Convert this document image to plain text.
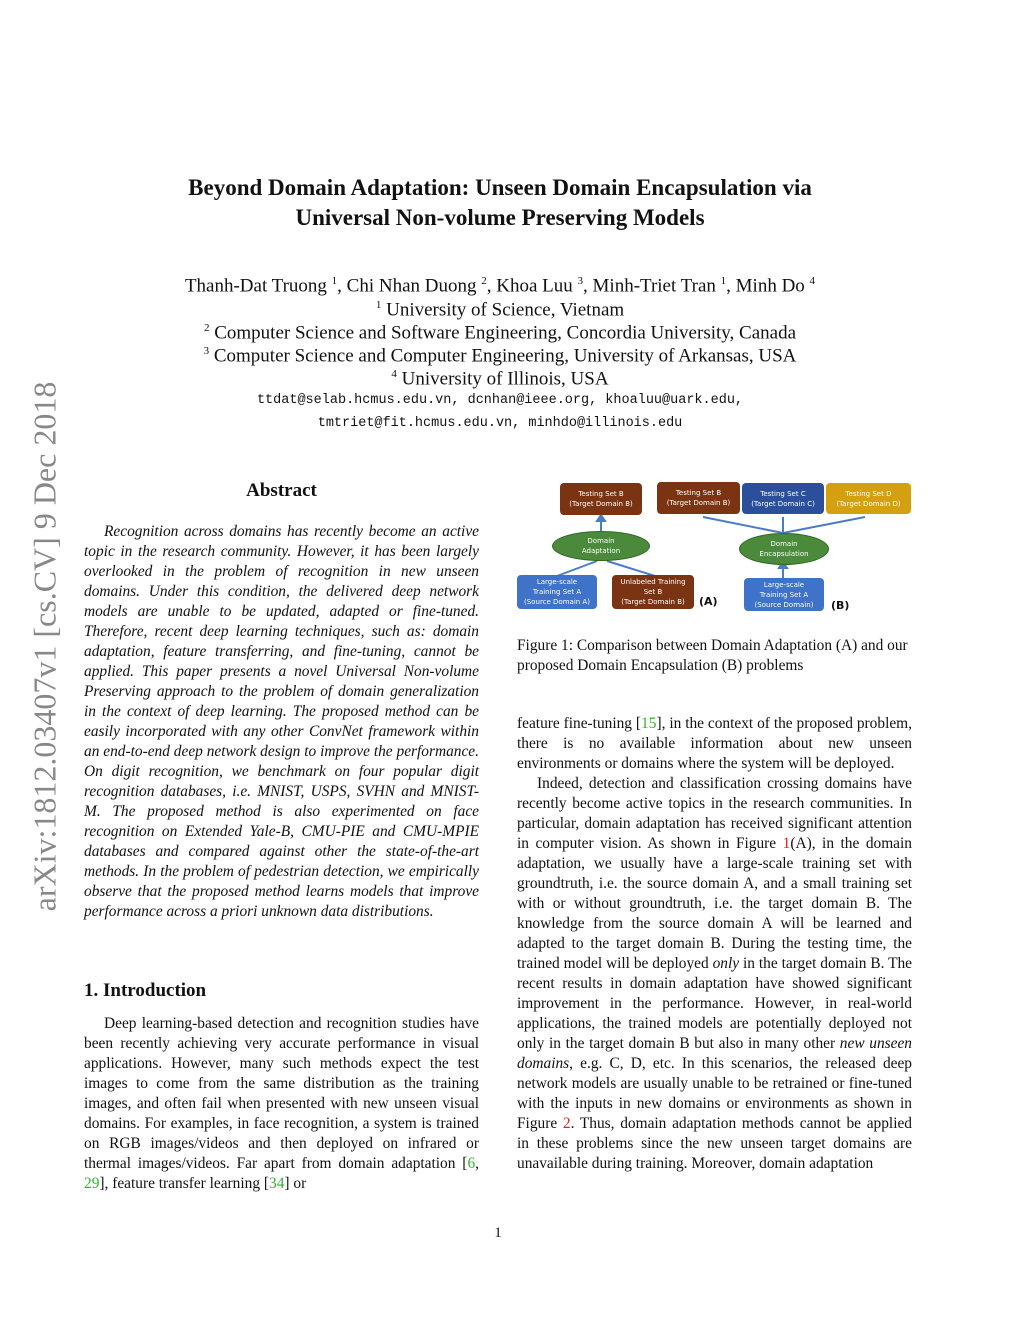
arXiv:1812.03407v1 [cs.CV] 9 Dec 2018
Beyond Domain Adaptation: Unseen Domain Encapsulation via
Universal Non-volume Preserving Models
Thanh-Dat Truong $^1$, Chi Nhan Duong $^2$, Khoa Luu $^3$, Minh-Triet Tran $^1$, Minh Do $^4$
$^1$ University of Science, Vietnam
$^2$ Computer Science and Software Engineering, Concordia University, Canada
$^3$ Computer Science and Computer Engineering, University of Arkansas, USA
$^4$ University of Illinois, USA
ttdat@selab.hcmus.edu.vn, dcnhan@ieee.org, khoaluu@uark.edu,
tmtriet@fit.hcmus.edu.vn, minhdo@illinois.edu
Abstract
Recognition across domains has recently become an active topic in the research community. However, it has been largely overlooked in the problem of recognition in new unseen domains. Under this condition, the delivered deep network models are unable to be updated, adapted or fine-tuned. Therefore, recent deep learning techniques, such as: domain adaptation, feature transferring, and fine-tuning, cannot be applied. This paper presents a novel Universal Non-volume Preserving approach to the problem of domain generalization in the context of deep learning. The proposed method can be easily incorporated with any other ConvNet framework within an end-to-end deep network design to improve the performance. On digit recognition, we benchmark on four popular digit recognition databases, i.e. MNIST, USPS, SVHN and MNIST-M. The proposed method is also experimented on face recognition on Extended Yale-B, CMU-PIE and CMU-MPIE databases and compared against other the state-of-the-art methods. In the problem of pedestrian detection, we empirically observe that the proposed method learns models that improve performance across a priori unknown data distributions.
1. Introduction
Deep learning-based detection and recognition studies have been recently achieving very accurate performance in visual applications. However, many such methods expect the test images to come from the same distribution as the training images, and often fail when presented with new unseen visual domains. For examples, in face recognition, a system is trained on RGB images/videos and then deployed on infrared or thermal images/videos. Far apart from domain adaptation [6, 29], feature transfer learning [34] or
Testing Set B
(Target Domain B)
Domain
Adaptation
Large-scale
Training Set A
(Source Domain A)
Unlabeled Training
Set B
(Target Domain B)	(A)
Testing Set B
(Target Domain B)
Testing Set C
(Target Domain C)
Testing Set D
(Target Domain D)
Domain
Encapsulation
Large-scale
Training Set A
(Source Domain)	(B)
Figure 1: Comparison between Domain Adaptation (A) and our proposed Domain Encapsulation (B) problems
feature fine-tuning [15], in the context of the proposed problem, there is no available information about new unseen environments or domains where the system will be deployed.
Indeed, detection and classification crossing domains have recently become active topics in the research communities. In particular, domain adaptation has received significant attention in computer vision. As shown in Figure 1(A), in the domain adaptation, we usually have a large-scale training set with groundtruth, i.e. the source domain A, and a small training set with or without groundtruth, i.e. the target domain B. The knowledge from the source domain A will be learned and adapted to the target domain B. During the testing time, the trained model will be deployed only in the target domain B. The recent results in domain adaptation have showed significant improvement in the performance. However, in real-world applications, the trained models are potentially deployed not only in the target domain B but also in many other new unseen domains, e.g. C, D, etc. In this scenarios, the released deep network models are usually unable to be retrained or fine-tuned with the inputs in new domains or environments as shown in Figure 2. Thus, domain adaptation methods cannot be applied in these problems since the new unseen target domains are unavailable during training. Moreover, domain adaptation
1
